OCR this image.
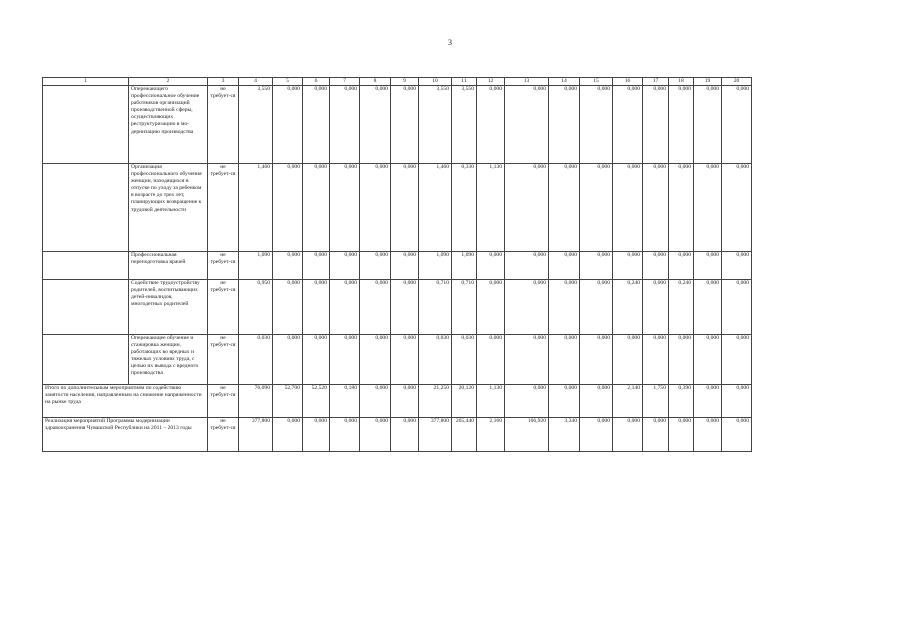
3
1	2	3	4	5	6	7	8	9	10	11	12	13	14	15	16	17	18	19	20
	Опережающего профессиональное обучение работников организаций производственной сферы, осуществляющих реструктуризацию в мо-дернизацию производства	не требует-ся	3,550	0,000	0,000	0,000	0,000	0,000	3,550	3,550	0,000	0,000	0,000	0,000	0,000	0,000	0,000	0,000	0,000
	Организация профессионального обучения женщин, находящихся в отпуске по уходу за ребенком в возрасте до трех лет, планирующих возвращение к трудовой деятельности	не требует-ся	1,460	0,000	0,000	0,000	0,000	0,000	1,460	0,330	1,130	0,000	0,000	0,000	0,000	0,000	0,000	0,000	0,000
	Профессиональная переподготовка врачей	не требует-ся	1,090	0,000	0,000	0,000	0,000	0,000	1,090	1,090	0,000	0,000	0,000	0,000	0,000	0,000	0,000	0,000	0,000
	Содействие трудоустройству родителей, воспитывающих детей-инвалидов, многодетных родителей	не требует-ся	0,950	0,000	0,000	0,000	0,000	0,000	0,710	0,710	0,000	0,000	0,000	0,000	0,240	0,000	0,240	0,000	0,000
	Опережающее обучение и стажировка женщин, работающих во вредных и тяжелых условиях труда, с целью их вывода с вредного производства	не требует-ся	0,030	0,000	0,000	0,000	0,000	0,000	0,030	0,030	0,000	0,000	0,000	0,000	0,000	0,000	0,000	0,000	0,000
Итого по дополнительным мероприятиям по содействию занятости населения, направленным на снижение напряженности на рынке труда		не требует-ся	76,090	52,700	52,520	0,180	0,000	0,000	21,250	20,120	1,130	0,000	0,000	0,000	2,140	1,750	0,390	0,000	0,000
Реализация мероприятий Программы модернизации здравоохранения Чувашской Республики на 2011 – 2013 годы		не требует-ся	377,800	0,000	0,000	0,000	0,000	0,000	377,800	265,440	2,160	106,920	3,340	0,000	0,000	0,000	0,000	0,000	0,000
